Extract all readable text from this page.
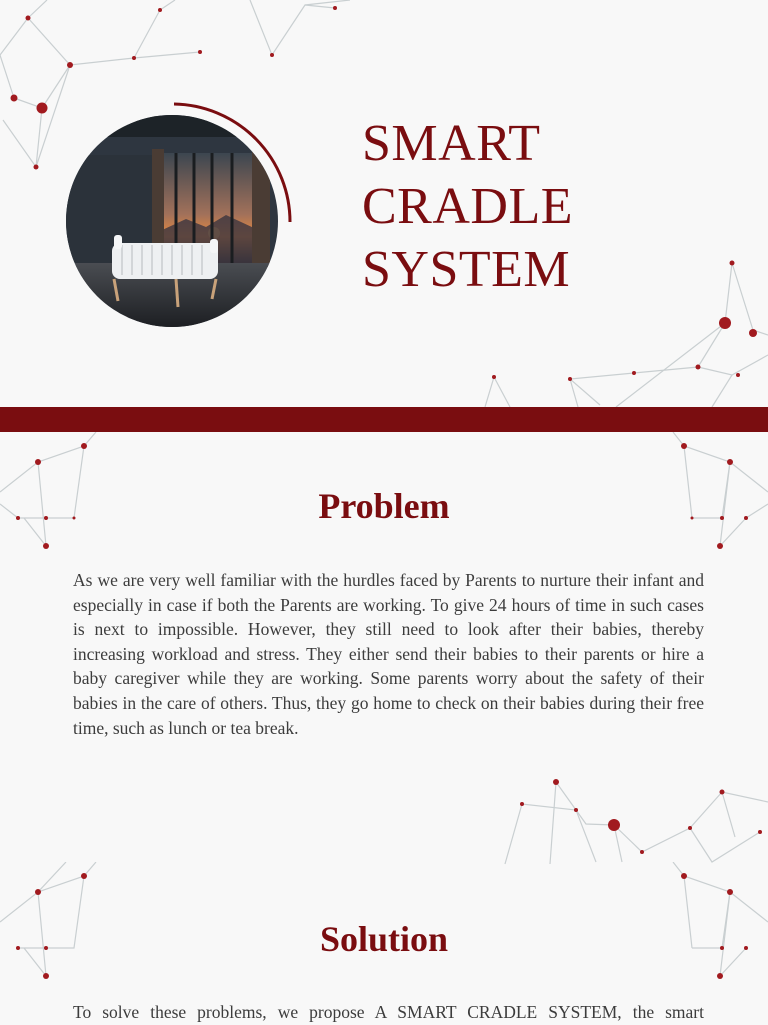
SMART
CRADLE
SYSTEM
Problem

As we are very well familiar with the hurdles faced by Parents to nurture their infant and especially in case if both the Parents are working. To give 24 hours of time in such cases is next to impossible. However, they still need to look after their babies, thereby increasing workload and stress. They either send their babies to their parents or hire a baby caregiver while they are working. Some parents worry about the safety of their babies in the care of others. Thus, they go home to check on their babies during their free time, such as lunch or tea break.

Solution

To solve these problems, we propose A SMART CRADLE SYSTEM, the smart
